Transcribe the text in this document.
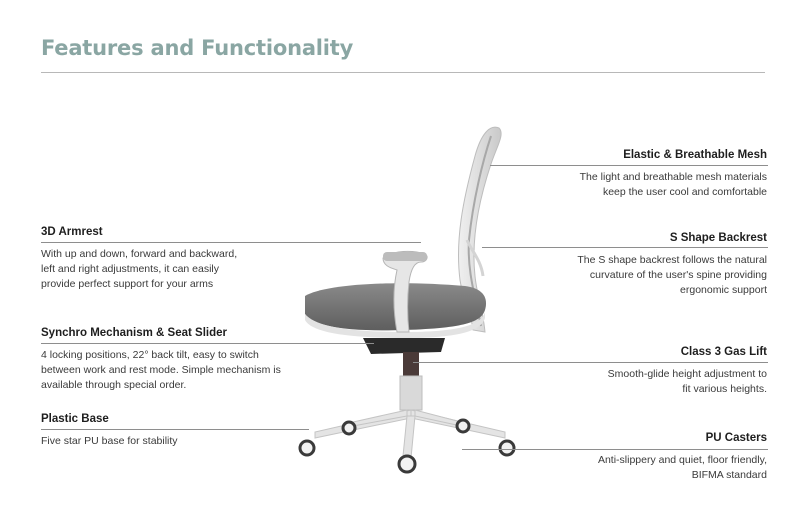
Features and Functionality
Elastic & Breathable Mesh
The light and breathable mesh materials
keep the user cool and comfortable
S Shape Backrest
The S shape backrest follows the natural
curvature of the user's spine providing
ergonomic support
Class 3 Gas Lift
Smooth-glide height adjustment to
fit various heights.
PU Casters
Anti-slippery and quiet, floor friendly,
BIFMA standard
3D Armrest
With up and down, forward and backward,
left and right adjustments, it can easily
provide perfect support for your arms
Synchro Mechanism & Seat Slider
4 locking positions, 22° back tilt, easy to switch
between work and rest mode. Simple mechanism is
available through special order.
Plastic Base
Five star PU base for stability
